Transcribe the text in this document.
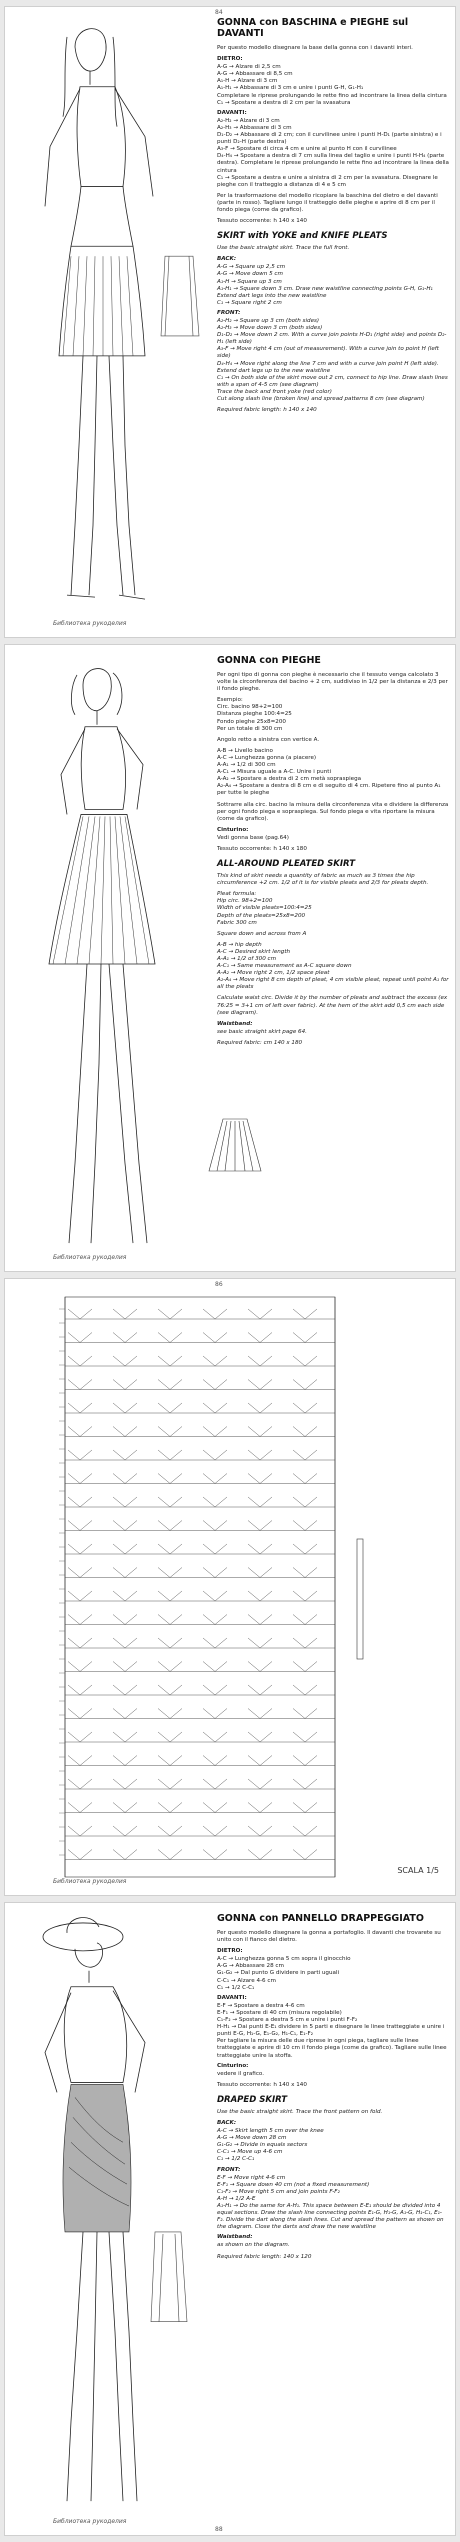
GONNA con BASCHINA e PIEGHE sul DAVANTI
Per questo modello disegnare la base della gonna con i davanti interi.
DIETRO:
A-G → Alzare di 2,5 cm
A-G → Abbassare di 8,5 cm
A₁-H → Alzare di 3 cm
A₁-H₁ → Abbassare di 3 cm e unire i punti G-H, G₁-H₁
Completare le riprese prolungando le rette fino ad incontrare la linea della cintura
C₁ → Spostare a destra di 2 cm per la svasatura
DAVANTI:
A₂-H₂ → Alzare di 3 cm
A₂-H₃ → Abbassare di 3 cm
D₁-D₂ → Abbassare di 2 cm; con il curvilinee unire i punti H-D₁ (parte sinistra) e i punti D₂-H (parte destra)
A₃-F → Spostare di circa 4 cm e unire al punto H con il curvilinee
D₄-H₄ → Spostare a destra di 7 cm sulla linea del taglio e unire i punti H-H₄ (parte destra). Completare le riprese prolungando le rette fino ad incontrare la linea della cintura
C₁ → Spostare a destra e unire a sinistra di 2 cm per la svasatura. Disegnare le pieghe con il tratteggio a distanza di 4 e 5 cm
Per la trasformazione del modello ricopiare la baschina del dietro e del davanti (parte in rosso). Tagliare lungo il tratteggio delle pieghe e aprire di 8 cm per il fondo piega (come da grafico).
Tessuto occorrente: h 140 x 140
SKIRT with YOKE and KNIFE PLEATS
Use the basic straight skirt. Trace the full front.
BACK:
A-G → Square up 2,5 cm
A-G → Move down 5 cm
A₁-H → Square up 3 cm
A₁-H₁ → Square down 3 cm. Draw new waistline connecting points G-H, G₁-H₁
Extend dart legs into the new waistline
C₁ → Square right 2 cm
FRONT:
A₂-H₂ → Square up 3 cm (both sides)
A₂-H₃ → Move down 3 cm (both sides)
D₁-D₂ → Move down 2 cm. With a curve join points H-D₁ (right side) and points D₂-H₁ (left side)
A₃-F → Move right 4 cm (out of measurement). With a curve join to point H (left side)
D₄-H₄ → Move right along the line 7 cm and with a curve join point H (left side). Extend dart legs up to the new waistline
C₁ → On both side of the skirt move out 2 cm, connect to hip line. Draw slash lines with a span of 4-5 cm (see diagram)
Trace the back and front yoke (red color)
Cut along slash line (broken line) and spread patterns 8 cm (see diagram)
Required fabric length: h 140 x 140
84
Библиотека рукоделия
GONNA con PIEGHE
Per ogni tipo di gonna con pieghe è necessario che il tessuto venga calcolato 3 volte la circonferenza del bacino + 2 cm, suddiviso in 1/2 per la distanza e 2/3 per il fondo pieghe.
Esempio:
Circ. bacino 98+2=100
Distanza pieghe 100:4=25
Fondo pieghe 25x8=200
Per un totale di 300 cm
Angolo retto a sinistra con vertice A.
A-B → Livello bacino
A-C → Lunghezza gonna (a piacere)
A-A₁ → 1/2 di 300 cm
A-C₁ → Misura uguale a A-C. Unire i punti
A-A₂ → Spostare a destra di 2 cm metà sopraspiega
A₂-A₄ → Spostare a destra di 8 cm e di seguito di 4 cm. Ripetere fino al punto A₁ per tutte le pieghe
Sottrarre alla circ. bacino la misura della circonferenza vita e dividere la differenza per ogni fondo piega e sopraspiega. Sul fondo piega e vita riportare la misura (come da grafico).
Cinturino:
Vedi gonna base (pag.64)
Tessuto occorrente: h 140 x 180
ALL-AROUND PLEATED SKIRT
This kind of skirt needs a quantity of fabric as much as 3 times the hip circumference +2 cm. 1/2 of it is for visible pleats and 2/3 for pleats depth.
Pleat formula:
Hip circ. 98+2=100
Width of visible pleats=100:4=25
Depth of the pleats=25x8=200
Fabric 300 cm
Square down and across from A
A-B → hip depth
A-C → Desired skirt length
A-A₁ → 1/2 of 300 cm
A-C₁ → Same measurement as A-C square down
A-A₂ → Move right 2 cm, 1/2 space pleat
A₂-A₄ → Move right 8 cm depth of pleat, 4 cm visible pleat, repeat until point A₁ for all the pleats
Calculate waist circ. Divide it by the number of pleats and subtract the excess (ex 76:25 = 3+1 cm of left over fabric). At the hem of the skirt add 0,5 cm each side (see diagram).
Waistband:
see basic straight skirt page 64.
Required fabric: cm 140 x 180
Библиотека рукоделия
86
SCALA 1/5
Библиотека рукоделия
GONNA con PANNELLO DRAPPEGGIATO
Per questo modello disegnare la gonna a portafoglio. Il davanti che trovarete su unito con il fianco del dietro.
DIETRO:
A-C → Lunghezza gonna 5 cm sopra il ginocchio
A-G → Abbassare 28 cm
G₁-G₂ → Dal punto G dividere in parti uguali
C-C₁ → Alzare 4-6 cm
C₁ → 1/2 C-C₁
DAVANTI:
E-F → Spostare a destra 4-6 cm
E-F₁ → Spostare di 40 cm (misura regolabile)
C₁-F₂ → Spostare a destra 5 cm e unire i punti F-F₂
H-H₁ → Dai punti E-E₁ dividere in 5 parti e disegnare le linee tratteggiate e unire i punti E-G, H₁-G, E₁-G₂, H₁-C₁, E₁-F₂
Per tagliare la misura delle due riprese in ogni piega, tagliare sulle linee tratteggiate e aprire di 10 cm il fondo piega (come da grafico). Tagliare sulle linee tratteggiate unire la stoffa.
Cinturino:
vedere il grafico.
Tessuto occorrente: h 140 x 140
DRAPED SKIRT
Use the basic straight skirt. Trace the front pattern on fold.
BACK:
A-C → Skirt length 5 cm over the knee
A-G → Move down 28 cm
G₁-G₂ → Divide in equals sectors
C-C₁ → Move up 4-6 cm
C₁ → 1/2 C-C₁
FRONT:
E-F → Move right 4-6 cm
E-F₁ → Square down 40 cm (not a fixed measurement)
C₁-F₂ → Move right 5 cm and join points F-F₂
A-H → 1/2 A-E
A₁-H₁ → Do the same for A-H₁. This space between E-E₁ should be divided into 4 equal sections. Draw the slash line connecting points E₁-G, H₁-G, A₁-G, H₁-C₁, E₁-F₂. Divide the dart along the slash lines. Cut and spread the pattern as shown on the diagram. Close the darts and draw the new waistline
Waistband:
as shown on the diagram.
Required fabric length: 140 x 120
Библиотека рукоделия
88
